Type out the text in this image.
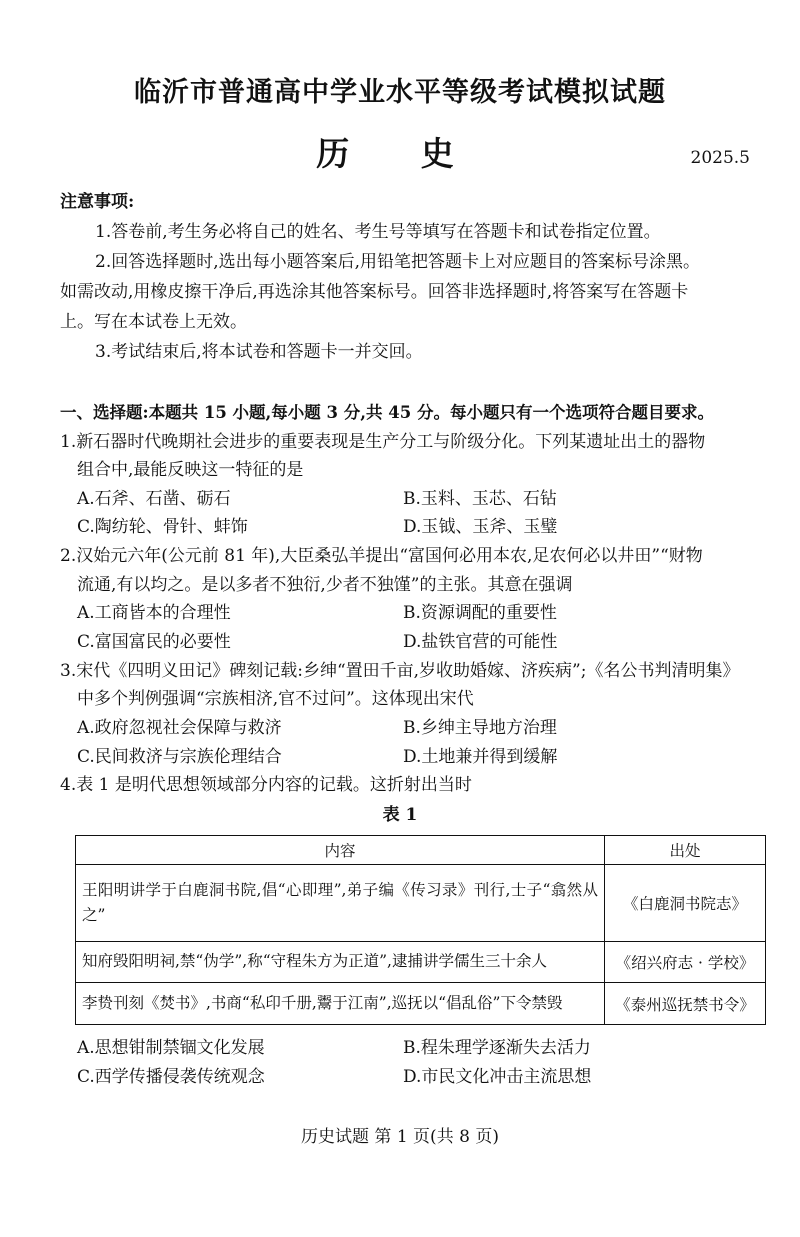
临沂市普通高中学业水平等级考试模拟试题
历 史	2025.5
注意事项:
1.答卷前,考生务必将自己的姓名、考生号等填写在答题卡和试卷指定位置。
2.回答选择题时,选出每小题答案后,用铅笔把答题卡上对应题目的答案标号涂黑。
如需改动,用橡皮擦干净后,再选涂其他答案标号。回答非选择题时,将答案写在答题卡
上。写在本试卷上无效。
3.考试结束后,将本试卷和答题卡一并交回。
一、选择题:本题共 15 小题,每小题 3 分,共 45 分。每小题只有一个选项符合题目要求。
1.新石器时代晚期社会进步的重要表现是生产分工与阶级分化。下列某遗址出土的器物
组合中,最能反映这一特征的是
A.石斧、石凿、砺石	B.玉料、玉芯、石钻
C.陶纺轮、骨针、蚌饰	D.玉钺、玉斧、玉璧
2.汉始元六年(公元前 81 年),大臣桑弘羊提出“富国何必用本农,足农何必以井田”“财物
流通,有以均之。是以多者不独衍,少者不独馑”的主张。其意在强调
A.工商皆本的合理性	B.资源调配的重要性
C.富国富民的必要性	D.盐铁官营的可能性
3.宋代《四明义田记》碑刻记载:乡绅“置田千亩,岁收助婚嫁、济疾病”;《名公书判清明集》
中多个判例强调“宗族相济,官不过问”。这体现出宋代
A.政府忽视社会保障与救济	B.乡绅主导地方治理
C.民间救济与宗族伦理结合	D.土地兼并得到缓解
4.表 1 是明代思想领域部分内容的记载。这折射出当时
表 1
内容	出处
王阳明讲学于白鹿洞书院,倡“心即理”,弟子编《传习录》刊行,士子“翕然从之”	《白鹿洞书院志》
知府毁阳明祠,禁“伪学”,称“守程朱方为正道”,逮捕讲学儒生三十余人	《绍兴府志 · 学校》
李贽刊刻《焚书》,书商“私印千册,鬻于江南”,巡抚以“倡乱俗”下令禁毁	《泰州巡抚禁书令》
A.思想钳制禁锢文化发展	B.程朱理学逐渐失去活力
C.西学传播侵袭传统观念	D.市民文化冲击主流思想
历史试题 第 1 页(共 8 页)
